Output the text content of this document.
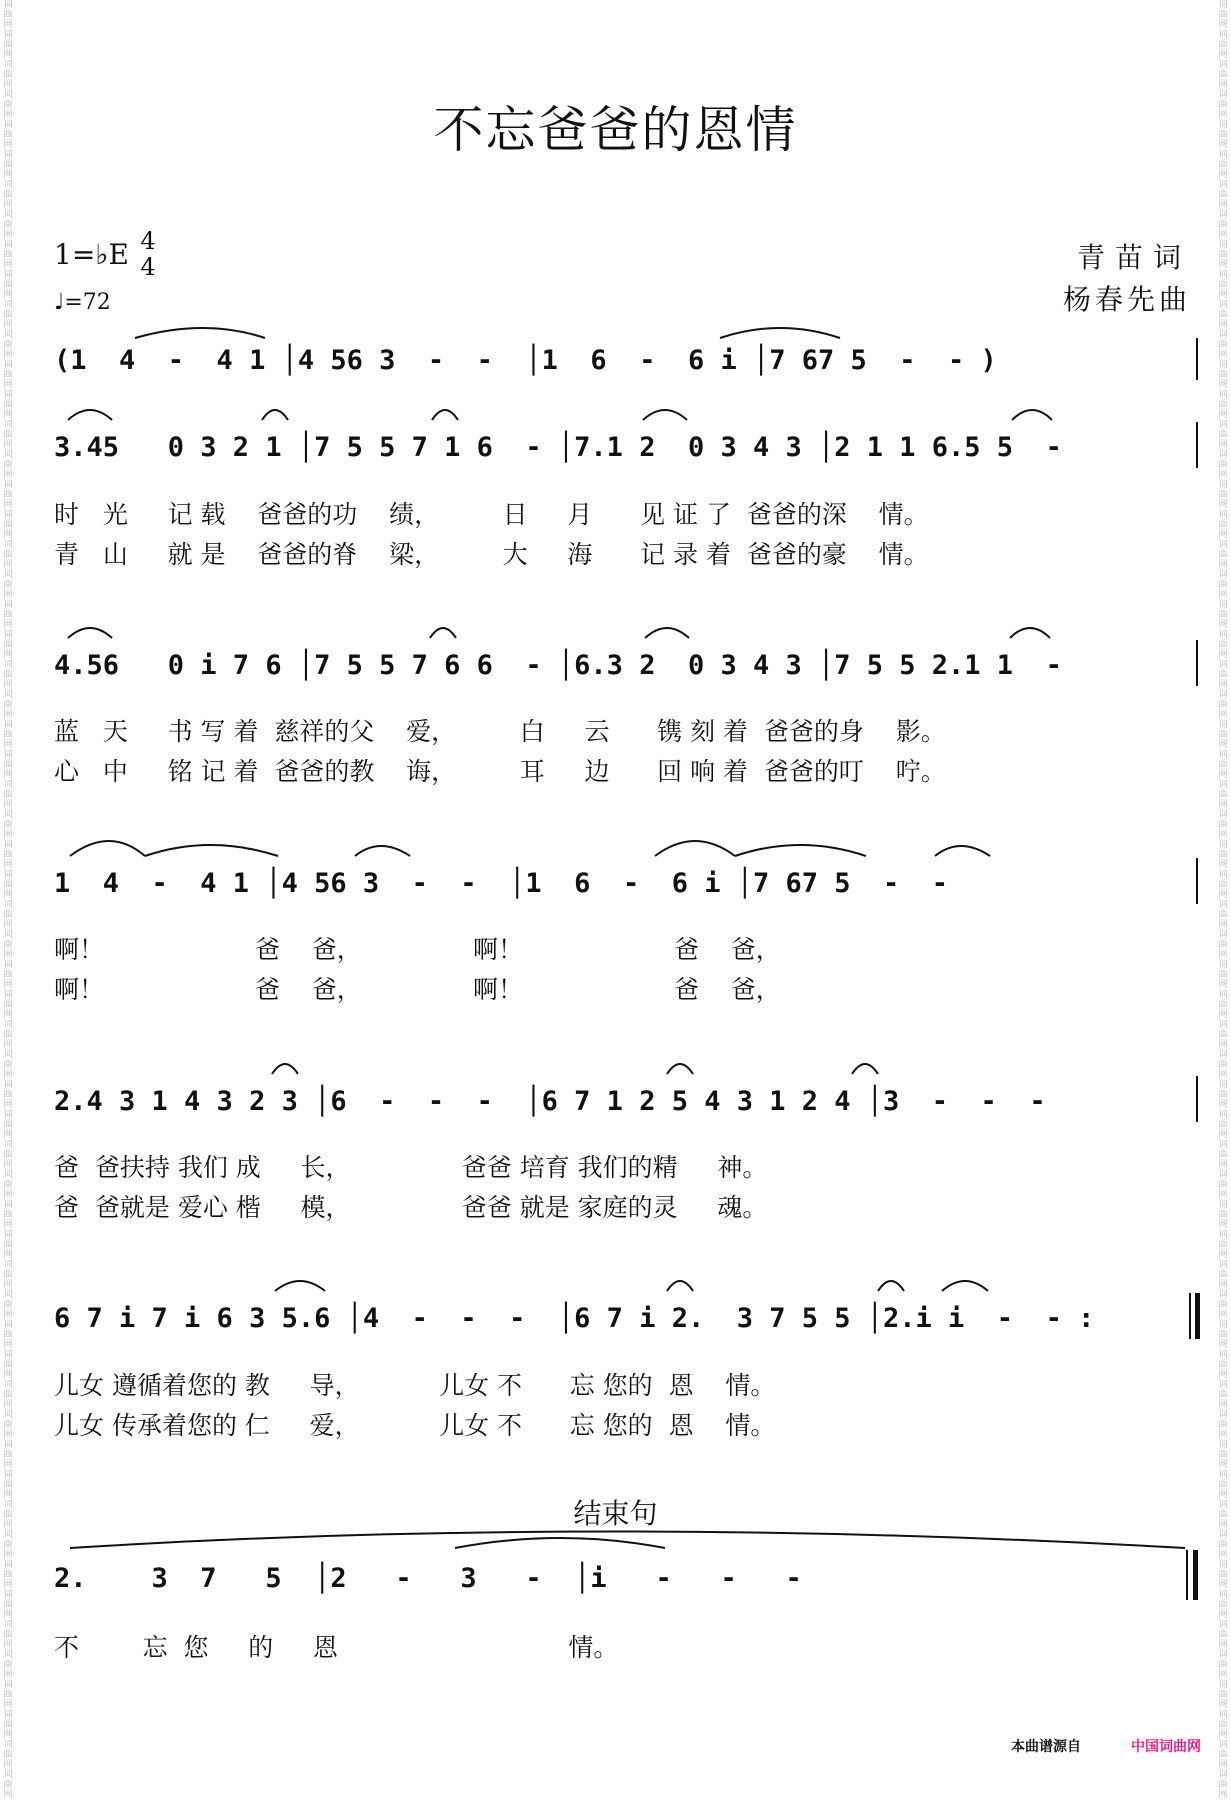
词曲网词曲网词曲网词曲网词曲网词曲网词曲网词曲网词曲网词曲网词曲网词曲网词曲网词曲网词曲网词曲网词曲网词曲网词曲网词曲网词曲网词曲网词曲网词曲网词曲网词曲网词曲网词曲网词曲网词曲网词曲网词曲网词曲网词曲网词曲网词曲网词曲网词曲网词曲网词曲网词曲网词曲网词曲网词曲网词曲网词曲网词曲网词曲网词曲网词曲网词曲网词曲网词曲网词曲网词曲网词曲网词曲网词曲网词曲网词曲网
词曲网词曲网词曲网词曲网词曲网词曲网词曲网词曲网词曲网词曲网词曲网词曲网词曲网词曲网词曲网词曲网词曲网词曲网词曲网词曲网词曲网词曲网词曲网词曲网词曲网词曲网词曲网词曲网词曲网词曲网词曲网词曲网词曲网词曲网词曲网词曲网词曲网词曲网词曲网词曲网词曲网词曲网词曲网词曲网词曲网词曲网词曲网词曲网词曲网词曲网词曲网词曲网词曲网词曲网词曲网词曲网词曲网词曲网词曲网词曲网
不忘爸爸的恩情
1=♭E 4
4
♩=72
青苗词
杨春先曲
(1  4  -  4 1 │4 56 3  -  -  │1  6  -  6 i │7 67 5  -  - )
3.45   0 3 2 1 │7 5 5 7 1 6  - │7.1 2  0 3 4 3 │2 1 1 6.5 5  -
时   光     记 载    爸爸的功    绩，        日     月      见 证 了  爸爸的深    情。
青   山     就 是    爸爸的脊    梁，        大     海      记 录 着  爸爸的豪    情。
4.56   0 i 7 6 │7 5 5 7 6 6  - │6.3 2  0 3 4 3 │7 5 5 2.1 1  -
蓝   天     书 写 着  慈祥的父    爱，        白     云      镌 刻 着  爸爸的身    影。
心   中     铭 记 着  爸爸的教    诲，        耳     边      回 响 着  爸爸的叮    咛。
1  4  -  4 1 │4 56 3  -  -  │1  6  -  6 i │7 67 5  -  -
啊！                   爸    爸，              啊！                   爸    爸，
啊！                   爸    爸，              啊！                   爸    爸，
2.4 3 1 4 3 2 3 │6  -  -  -  │6 7 1 2 5 4 3 1 2 4 │3  -  -  -
爸  爸扶持 我们 成     长，              爸爸 培育 我们的精     神。
爸  爸就是 爱心 楷     模，              爸爸 就是 家庭的灵     魂。
6 7 i 7 i 6 3 5.6 │4  -  -  -  │6 7 i 2.  3 7 5 5 │2.i i  -  - :
儿女 遵循着您的 教     导，          儿女 不      忘 您的  恩    情。
儿女 传承着您的 仁     爱，          儿女 不      忘 您的  恩    情。
结束句
2.    3  7   5  │2   -   3   -  │i   -   -   -
不        忘  您     的     恩                             情。
本曲谱源自	中国词曲网
